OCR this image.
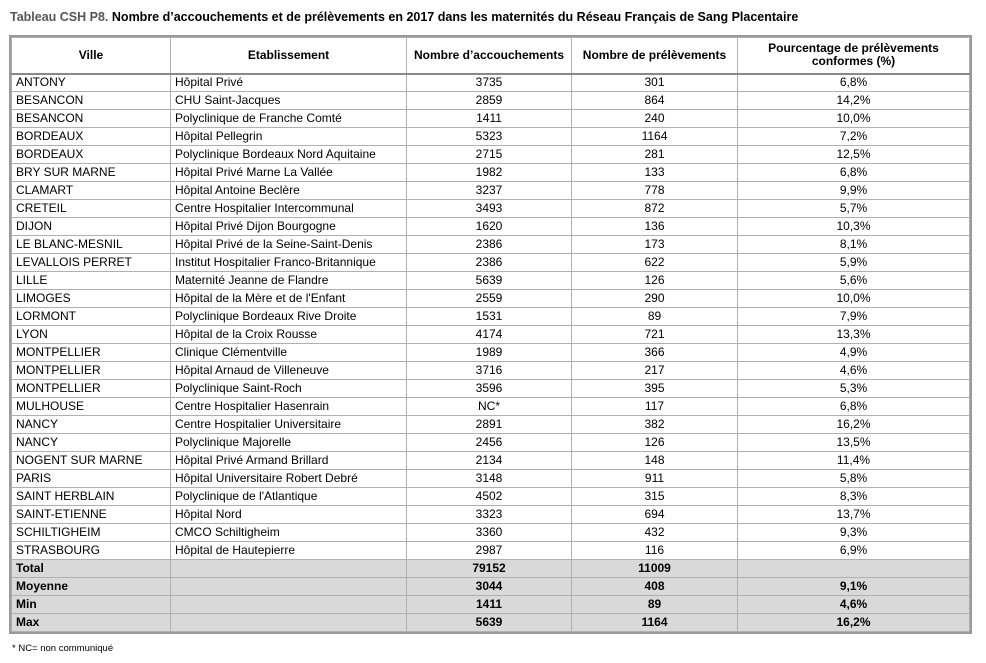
Tableau CSH P8. Nombre d’accouchements et de prélèvements en 2017 dans les maternités du Réseau Français de Sang Placentaire
Ville	Etablissement	Nombre d’accouchements	Nombre de prélèvements	Pourcentage de prélèvements conformes (%)
ANTONY	Hôpital Privé	3735	301	6,8%
BESANCON	CHU Saint-Jacques	2859	864	14,2%
BESANCON	Polyclinique de Franche Comté	1411	240	10,0%
BORDEAUX	Hôpital Pellegrin	5323	1164	7,2%
BORDEAUX	Polyclinique Bordeaux Nord Aquitaine	2715	281	12,5%
BRY SUR MARNE	Hôpital Privé Marne La Vallée	1982	133	6,8%
CLAMART	Hôpital Antoine Beclère	3237	778	9,9%
CRETEIL	Centre Hospitalier Intercommunal	3493	872	5,7%
DIJON	Hôpital Privé Dijon Bourgogne	1620	136	10,3%
LE BLANC-MESNIL	Hôpital Privé de la Seine-Saint-Denis	2386	173	8,1%
LEVALLOIS PERRET	Institut Hospitalier Franco-Britannique	2386	622	5,9%
LILLE	Maternité Jeanne de Flandre	5639	126	5,6%
LIMOGES	Hôpital de la Mère et de l'Enfant	2559	290	10,0%
LORMONT	Polyclinique Bordeaux Rive Droite	1531	89	7,9%
LYON	Hôpital de la Croix Rousse	4174	721	13,3%
MONTPELLIER	Clinique Clémentville	1989	366	4,9%
MONTPELLIER	Hôpital Arnaud de Villeneuve	3716	217	4,6%
MONTPELLIER	Polyclinique Saint-Roch	3596	395	5,3%
MULHOUSE	Centre Hospitalier Hasenrain	NC*	117	6,8%
NANCY	Centre Hospitalier Universitaire	2891	382	16,2%
NANCY	Polyclinique Majorelle	2456	126	13,5%
NOGENT SUR MARNE	Hôpital Privé Armand Brillard	2134	148	11,4%
PARIS	Hôpital Universitaire Robert Debré	3148	911	5,8%
SAINT HERBLAIN	Polyclinique de l'Atlantique	4502	315	8,3%
SAINT-ETIENNE	Hôpital Nord	3323	694	13,7%
SCHILTIGHEIM	CMCO Schiltigheim	3360	432	9,3%
STRASBOURG	Hôpital de Hautepierre	2987	116	6,9%
Total		79152	11009	
Moyenne		3044	408	9,1%
Min		1411	89	4,6%
Max		5639	1164	16,2%
* NC= non communiqué
